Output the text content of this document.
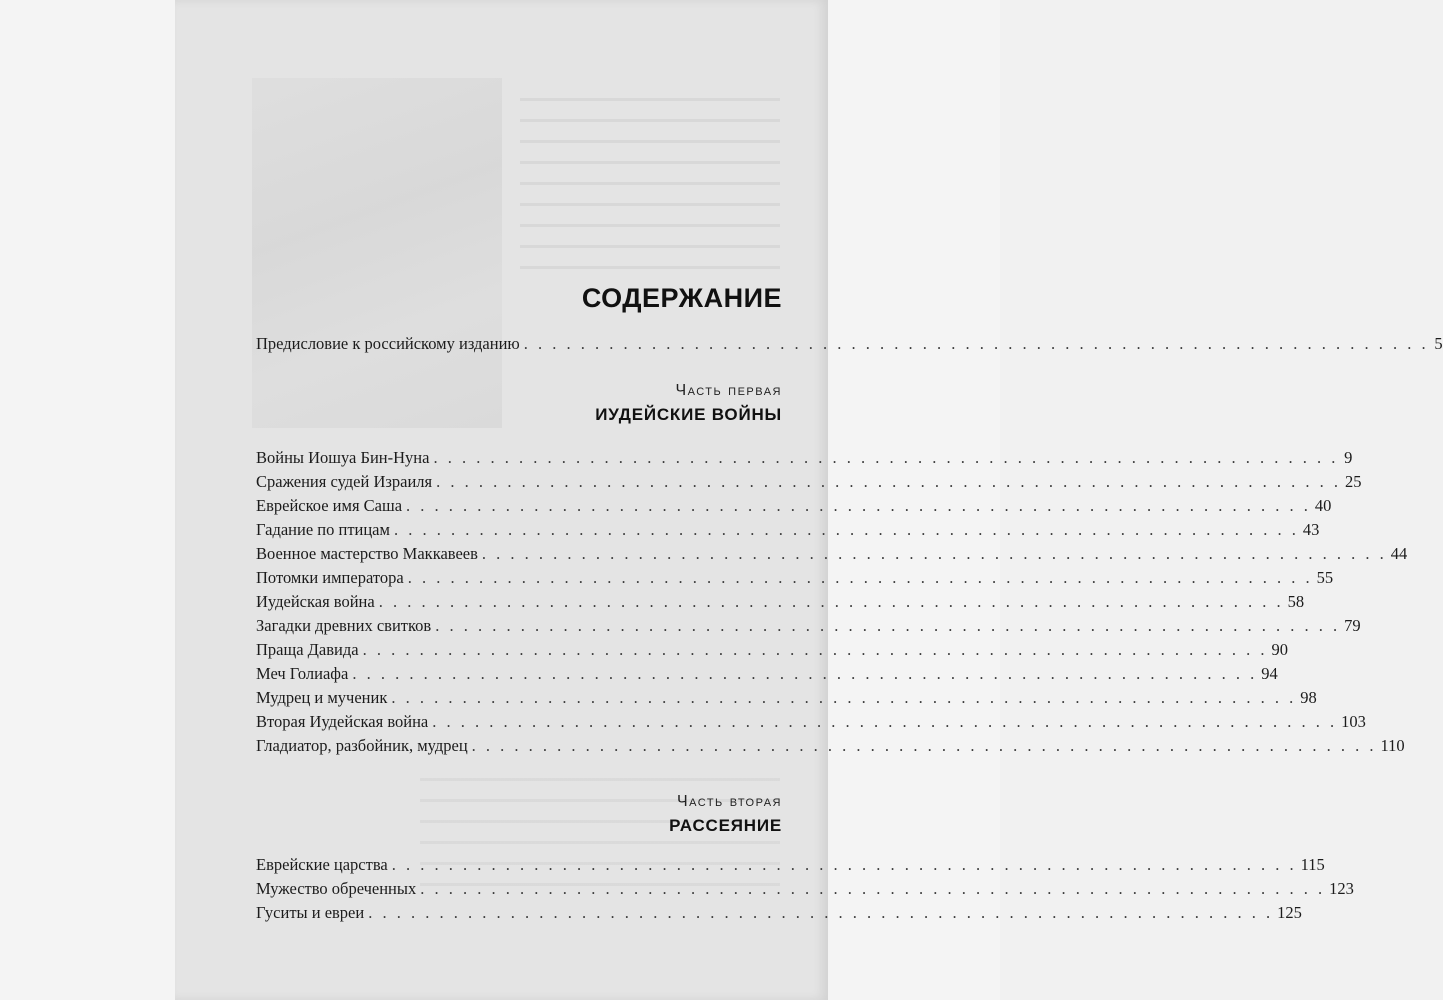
СОДЕРЖАНИЕ
Предисловие к российскому изданию . . . . . . . . . . . . . . . . . . . . . . . . . . . . . . . . . . . . . . . . . . . . . . . . . . . . . . . . . . . . . . . . 5
Часть первая
ИУДЕЙСКИЕ ВОЙНЫ
Войны Иошуа Бин-Нуна . . . . . . . . . . . . . . . . . . . . . . . . . . . . . . . . . . . . . . . . . . . . . . . . . . . . . . . . . . . . . . . . 9
Сражения судей Израиля . . . . . . . . . . . . . . . . . . . . . . . . . . . . . . . . . . . . . . . . . . . . . . . . . . . . . . . . . . . . . . . . 25
Еврейское имя Саша . . . . . . . . . . . . . . . . . . . . . . . . . . . . . . . . . . . . . . . . . . . . . . . . . . . . . . . . . . . . . . . . 40
Гадание по птицам . . . . . . . . . . . . . . . . . . . . . . . . . . . . . . . . . . . . . . . . . . . . . . . . . . . . . . . . . . . . . . . . 43
Военное мастерство Маккавеев . . . . . . . . . . . . . . . . . . . . . . . . . . . . . . . . . . . . . . . . . . . . . . . . . . . . . . . . . . . . . . . . 44
Потомки императора . . . . . . . . . . . . . . . . . . . . . . . . . . . . . . . . . . . . . . . . . . . . . . . . . . . . . . . . . . . . . . . . 55
Иудейская война . . . . . . . . . . . . . . . . . . . . . . . . . . . . . . . . . . . . . . . . . . . . . . . . . . . . . . . . . . . . . . . . 58
Загадки древних свитков . . . . . . . . . . . . . . . . . . . . . . . . . . . . . . . . . . . . . . . . . . . . . . . . . . . . . . . . . . . . . . . . 79
Праща Давида . . . . . . . . . . . . . . . . . . . . . . . . . . . . . . . . . . . . . . . . . . . . . . . . . . . . . . . . . . . . . . . . 90
Меч Голиафа . . . . . . . . . . . . . . . . . . . . . . . . . . . . . . . . . . . . . . . . . . . . . . . . . . . . . . . . . . . . . . . . 94
Мудрец и мученик . . . . . . . . . . . . . . . . . . . . . . . . . . . . . . . . . . . . . . . . . . . . . . . . . . . . . . . . . . . . . . . . 98
Вторая Иудейская война . . . . . . . . . . . . . . . . . . . . . . . . . . . . . . . . . . . . . . . . . . . . . . . . . . . . . . . . . . . . . . . . 103
Гладиатор, разбойник, мудрец . . . . . . . . . . . . . . . . . . . . . . . . . . . . . . . . . . . . . . . . . . . . . . . . . . . . . . . . . . . . . . . . 110
Часть вторая
РАССЕЯНИЕ
Еврейские царства . . . . . . . . . . . . . . . . . . . . . . . . . . . . . . . . . . . . . . . . . . . . . . . . . . . . . . . . . . . . . . . . 115
Мужество обреченных . . . . . . . . . . . . . . . . . . . . . . . . . . . . . . . . . . . . . . . . . . . . . . . . . . . . . . . . . . . . . . . . 123
Гуситы и евреи . . . . . . . . . . . . . . . . . . . . . . . . . . . . . . . . . . . . . . . . . . . . . . . . . . . . . . . . . . . . . . . . 125
